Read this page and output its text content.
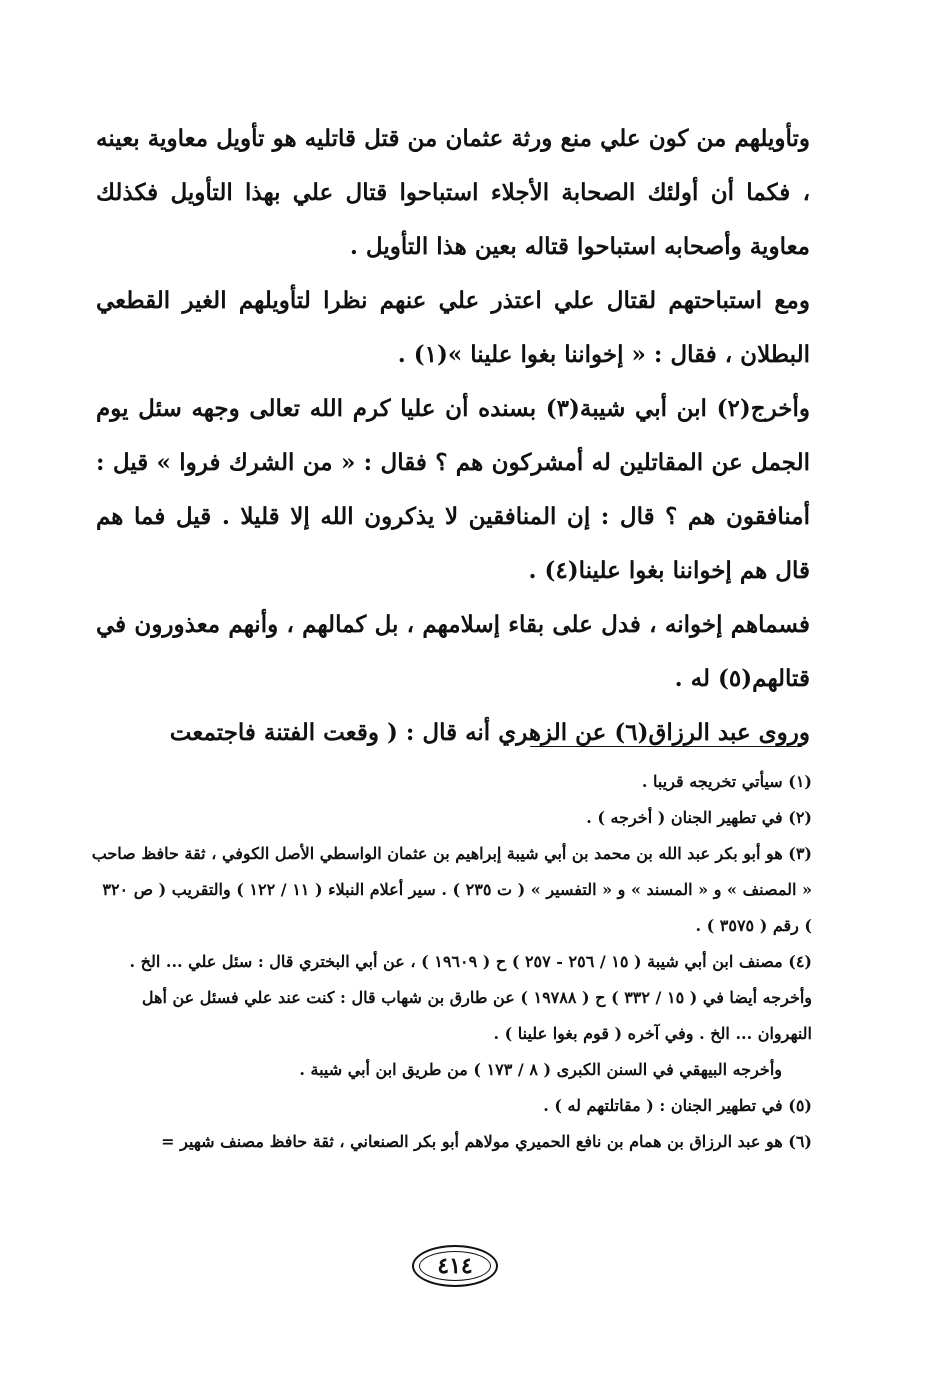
وتأويلهم من كون علي منع ورثة عثمان من قتل قاتليه هو تأويل معاوية بعينه ، فكما أن أولئك الصحابة الأجلاء استباحوا قتال علي بهذا التأويل فكذلك معاوية وأصحابه استباحوا قتاله بعين هذا التأويل .

ومع استباحتهم لقتال علي اعتذر علي عنهم نظرا لتأويلهم الغير القطعي البطلان ، فقال : « إخواننا بغوا علينا »(١) .

وأخرج(٢) ابن أبي شيبة(٣) بسنده أن عليا كرم الله تعالى وجهه سئل يوم الجمل عن المقاتلين له أمشركون هم ؟ فقال : « من الشرك فروا » قيل : أمنافقون هم ؟ قال : إن المنافقين لا يذكرون الله إلا قليلا . قيل فما هم قال هم إخواننا بغوا علينا(٤) .

فسماهم إخوانه ، فدل على بقاء إسلامهم ، بل كمالهم ، وأنهم معذورون في قتالهم(٥) له .

وروى عبد الرزاق(٦) عن الزهري أنه قال : ( وقعت الفتنة فاجتمعت

(١) سيأتي تخريجه قريبا .

(٢) في تطهير الجنان ( أخرجه ) .

(٣) هو أبو بكر عبد الله بن محمد بن أبي شيبة إبراهيم بن عثمان الواسطي الأصل الكوفي ، ثقة حافظ صاحب « المصنف » و « المسند » و « التفسير » ( ت ٢٣٥ ) . سير أعلام النبلاء ( ١١ / ١٢٢ ) والتقريب ( ص ٣٢٠ ) رقم ( ٣٥٧٥ ) .

(٤) مصنف ابن أبي شيبة ( ١٥ / ٢٥٦ - ٢٥٧ ) ح ( ١٩٦٠٩ ) ، عن أبي البختري قال : سئل علي ... الخ . وأخرجه أيضا في ( ١٥ / ٣٣٢ ) ح ( ١٩٧٨٨ ) عن طارق بن شهاب قال : كنت عند علي فسئل عن أهل النهروان ... الخ . وفي آخره ( قوم بغوا علينا ) .

وأخرجه البيهقي في السنن الكبرى ( ٨ / ١٧٣ ) من طريق ابن أبي شيبة .

(٥) في تطهير الجنان : ( مقاتلتهم له ) .

(٦) هو عبد الرزاق بن همام بن نافع الحميري مولاهم أبو بكر الصنعاني ، ثقة حافظ مصنف شهير =

٤١٤
